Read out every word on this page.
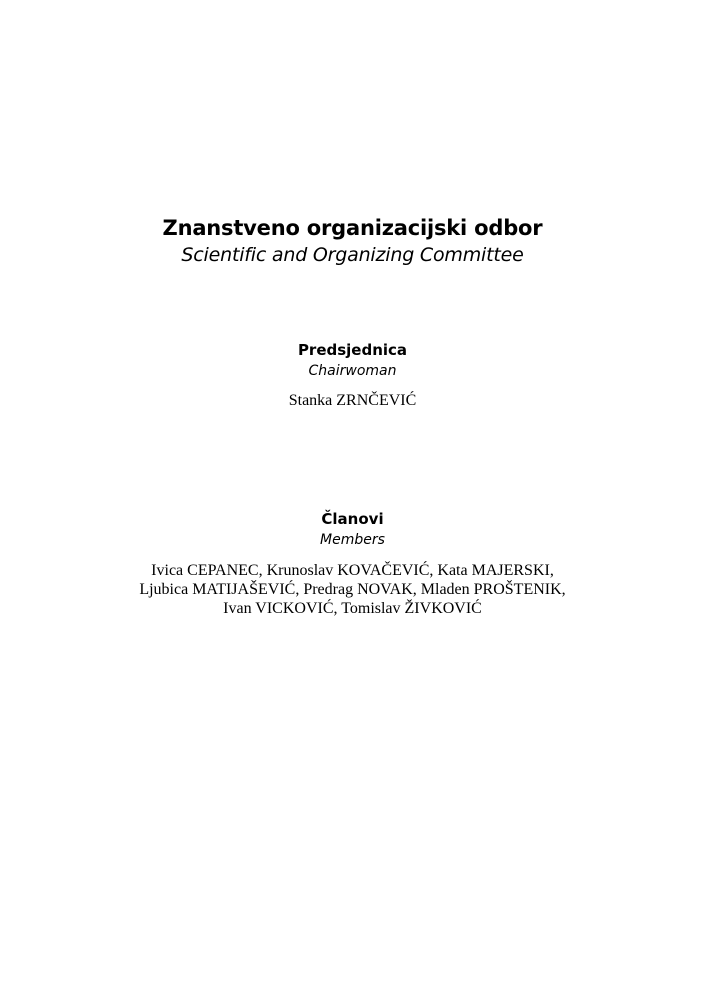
Znanstveno organizacijski odbor
Scientific and Organizing Committee
Predsjednica
Chairwoman
Stanka ZRNČEVIĆ
Članovi
Members
Ivica CEPANEC, Krunoslav KOVAČEVIĆ, Kata MAJERSKI,
Ljubica MATIJAŠEVIĆ, Predrag NOVAK, Mladen PROŠTENIK,
Ivan VICKOVIĆ, Tomislav ŽIVKOVIĆ
